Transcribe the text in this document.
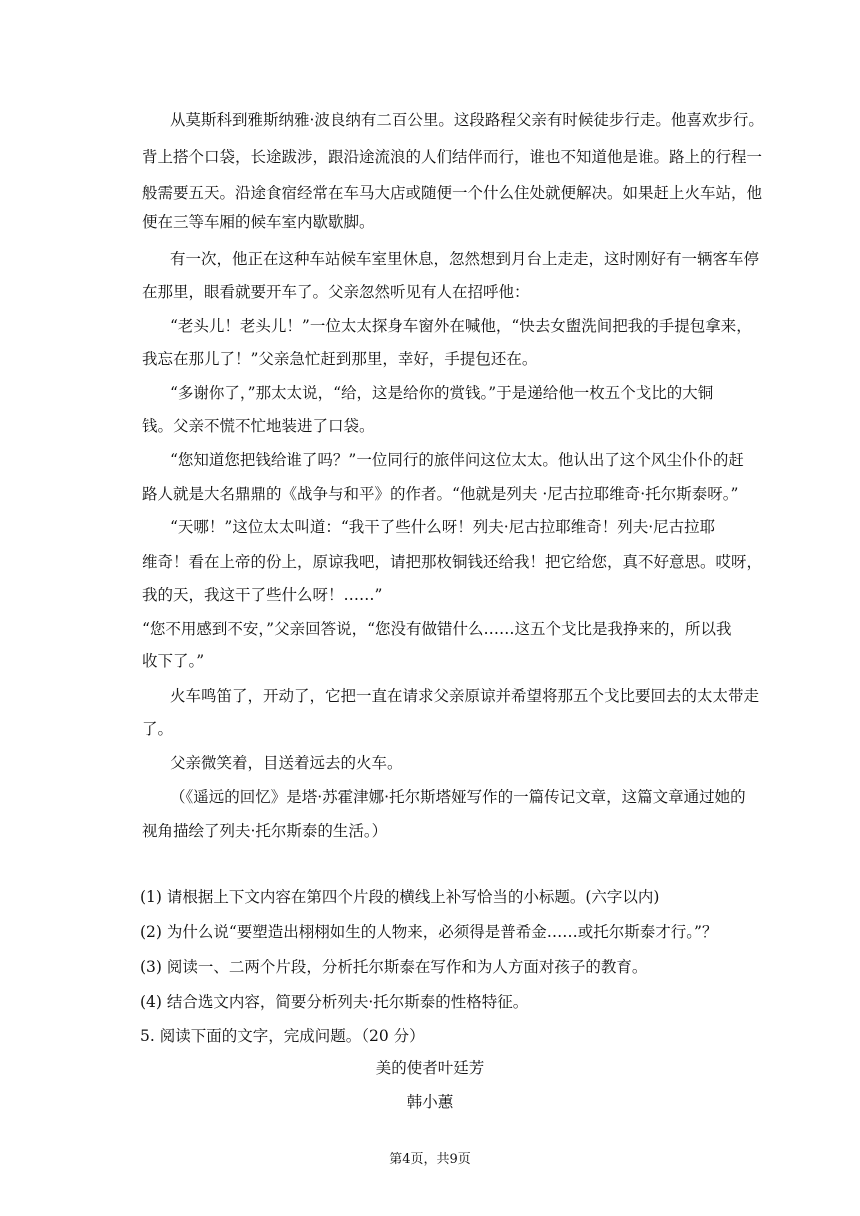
从莫斯科到雅斯纳雅·波良纳有二百公里。这段路程父亲有时候徒步行走。他喜欢步行。
背上搭个口袋，长途跋涉，跟沿途流浪的人们结伴而行，谁也不知道他是谁。路上的行程一
般需要五天。沿途食宿经常在车马大店或随便一个什么住处就便解决。如果赶上火车站，他
便在三等车厢的候车室内歇歇脚。
有一次，他正在这种车站候车室里休息，忽然想到月台上走走，这时刚好有一辆客车停
在那里，眼看就要开车了。父亲忽然听见有人在招呼他：
“老头儿！老头儿！”一位太太探身车窗外在喊他，“快去女盥洗间把我的手提包拿来，
我忘在那儿了！”父亲急忙赶到那里，幸好，手提包还在。
“多谢你了，”那太太说，“给，这是给你的赏钱。”于是递给他一枚五个戈比的大铜
钱。父亲不慌不忙地装进了口袋。
“您知道您把钱给谁了吗？”一位同行的旅伴问这位太太。他认出了这个风尘仆仆的赶
路人就是大名鼎鼎的《战争与和平》的作者。“他就是列夫 ·尼古拉耶维奇·托尔斯泰呀。”
“天哪！”这位太太叫道：“我干了些什么呀！列夫·尼古拉耶维奇！列夫·尼古拉耶
维奇！看在上帝的份上，原谅我吧，请把那枚铜钱还给我！把它给您，真不好意思。哎呀，
我的天，我这干了些什么呀！……”
“您不用感到不安，”父亲回答说，“您没有做错什么……这五个戈比是我挣来的，所以我
收下了。”
火车鸣笛了，开动了，它把一直在请求父亲原谅并希望将那五个戈比要回去的太太带走
了。
父亲微笑着，目送着远去的火车。
（《遥远的回忆》是塔·苏霍津娜·托尔斯塔娅写作的一篇传记文章，这篇文章通过她的
视角描绘了列夫·托尔斯泰的生活。）
(1) 请根据上下文内容在第四个片段的横线上补写恰当的小标题。(六字以内)
(2) 为什么说“要塑造出栩栩如生的人物来，必须得是普希金……或托尔斯泰才行。”？
(3) 阅读一、二两个片段，分析托尔斯泰在写作和为人方面对孩子的教育。
(4) 结合选文内容，简要分析列夫·托尔斯泰的性格特征。
5. 阅读下面的文字，完成问题。（20 分）
美的使者叶廷芳
韩小蕙
第4页，共9页
